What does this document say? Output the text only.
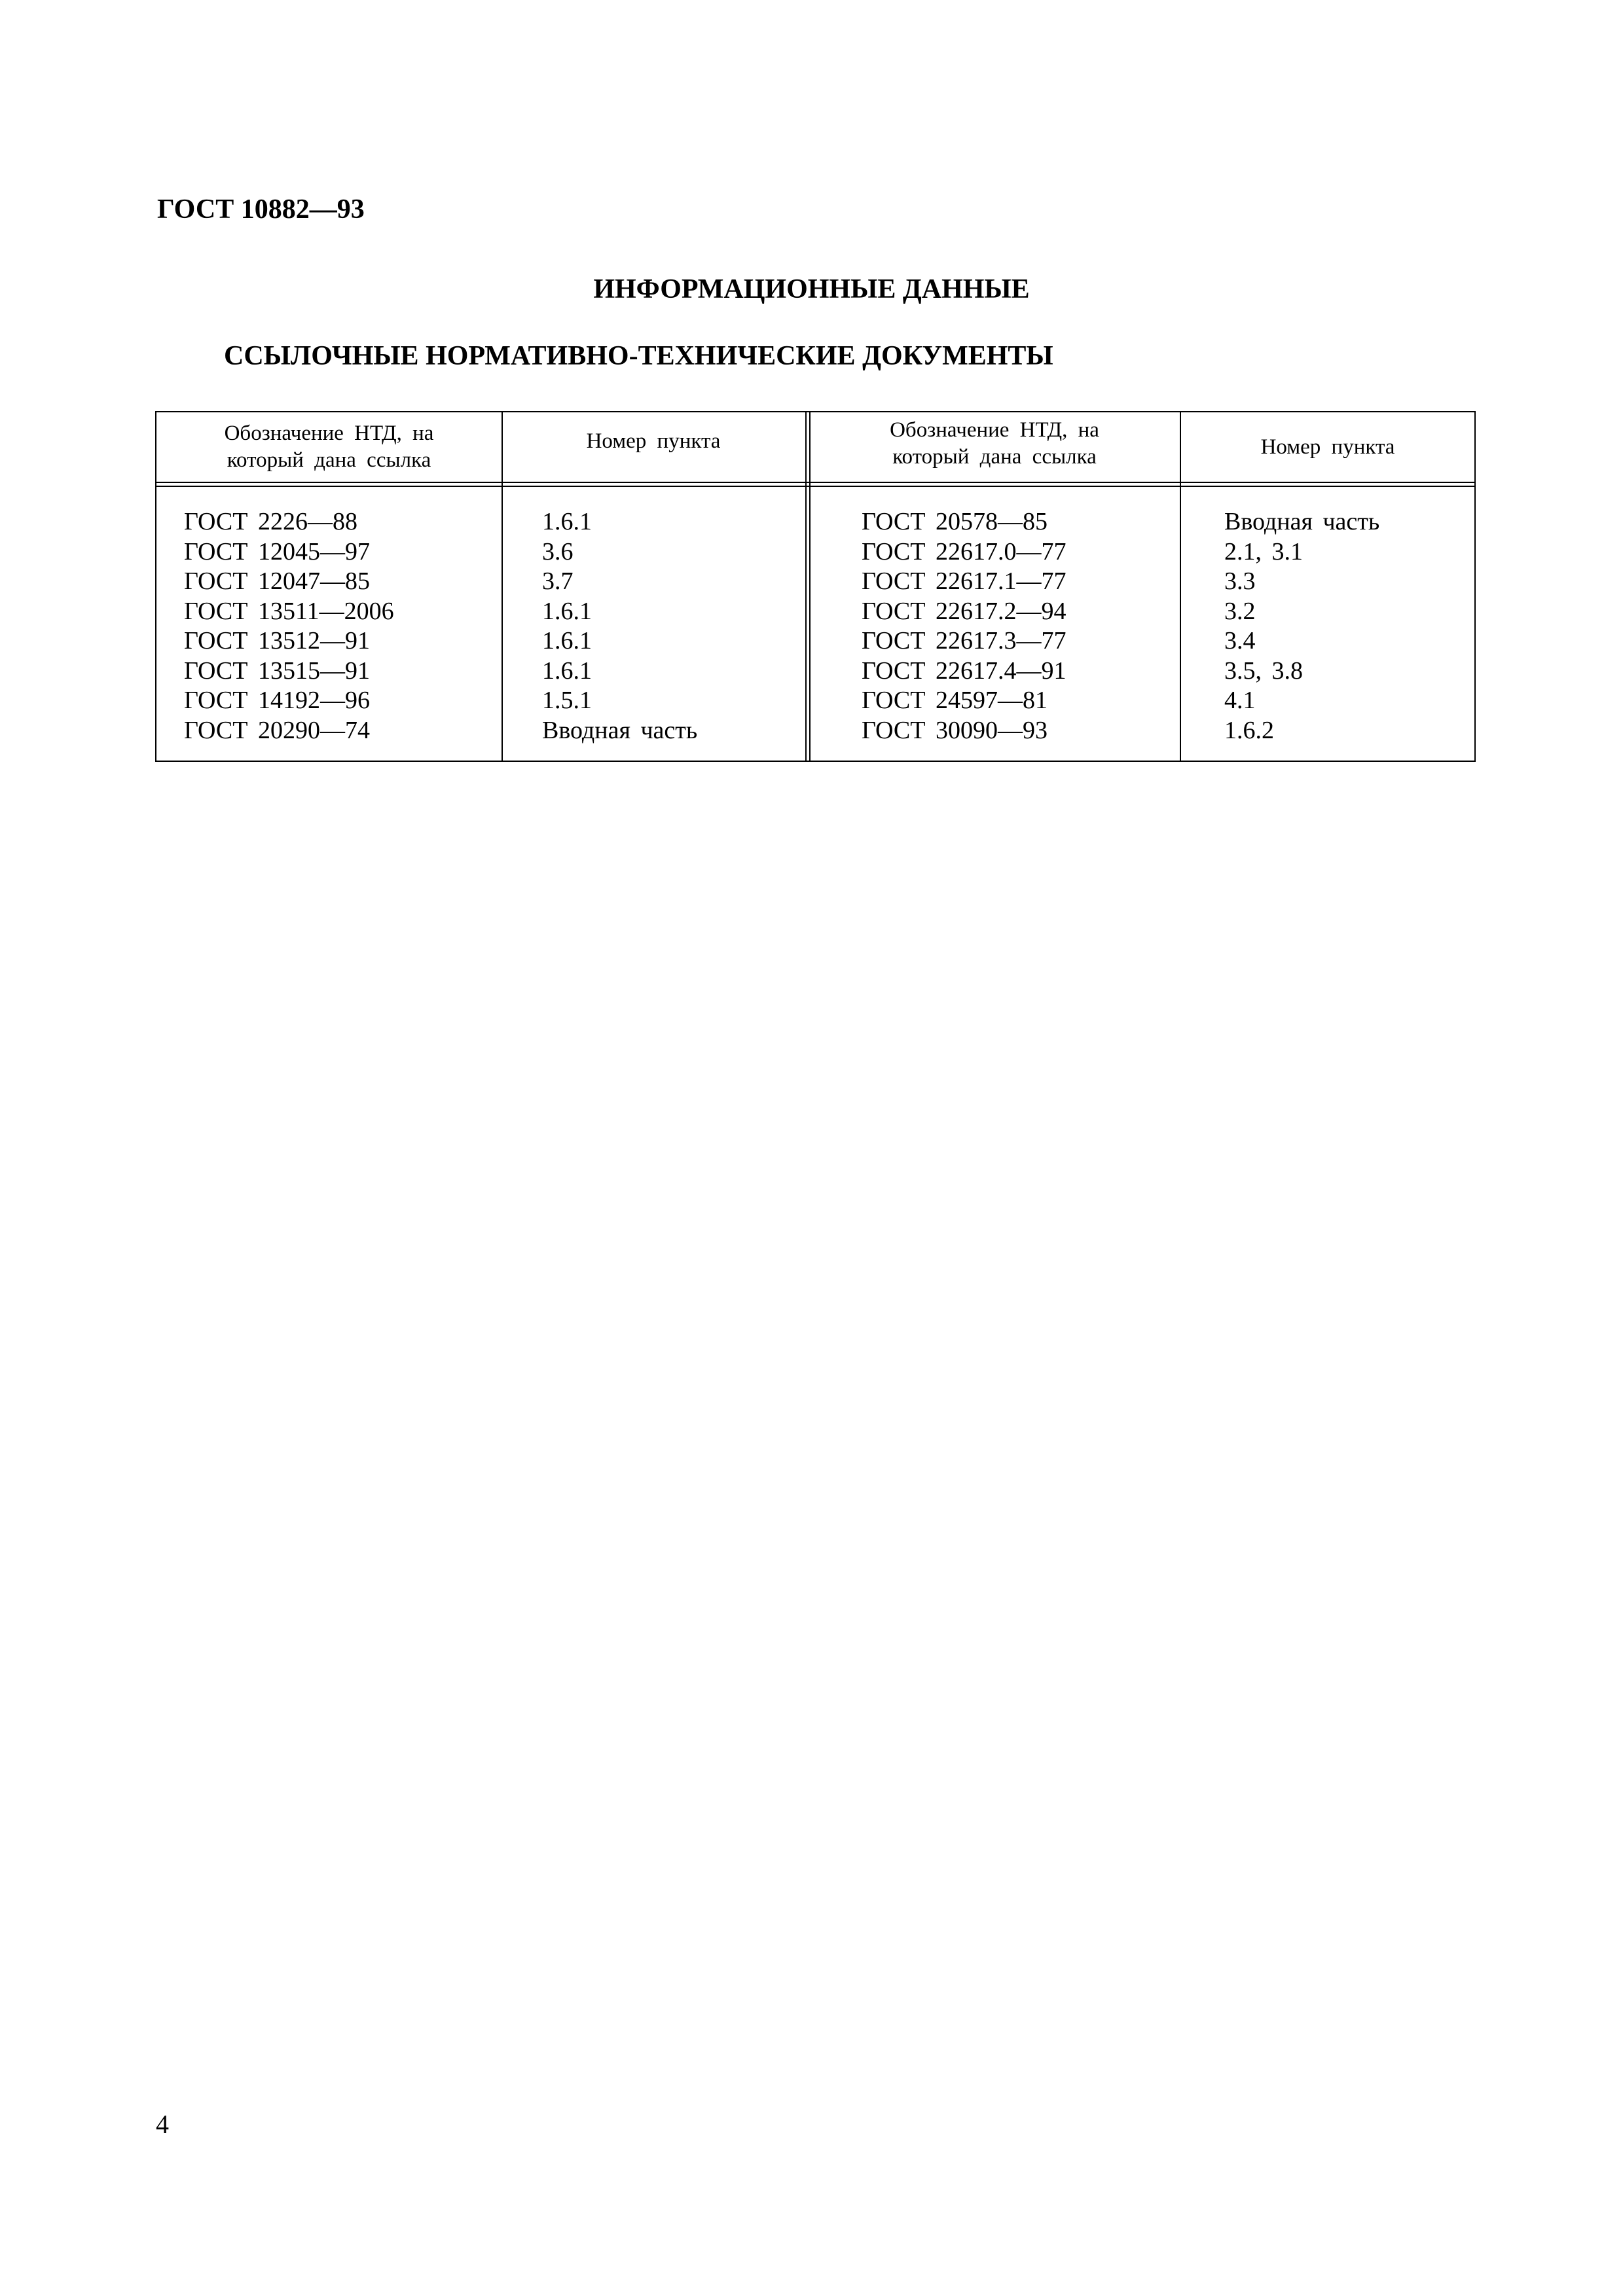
ГОСТ 10882—93
ИНФОРМАЦИОННЫЕ ДАННЫЕ
ССЫЛОЧНЫЕ НОРМАТИВНО-ТЕХНИЧЕСКИЕ ДОКУМЕНТЫ
Обозначение НТД, на
который дана ссылка
Номер пункта	Обозначение НТД, на
который дана ссылка	Номер пункта
ГОСТ 2226—88
ГОСТ 12045—97
ГОСТ 12047—85
ГОСТ 13511—2006
ГОСТ 13512—91
ГОСТ 13515—91
ГОСТ 14192—96
ГОСТ 20290—74
1.6.1
3.6
3.7
1.6.1
1.6.1
1.6.1
1.5.1
Вводная часть
ГОСТ 20578—85
ГОСТ 22617.0—77
ГОСТ 22617.1—77
ГОСТ 22617.2—94
ГОСТ 22617.3—77
ГОСТ 22617.4—91
ГОСТ 24597—81
ГОСТ 30090—93
Вводная часть
2.1, 3.1
3.3
3.2
3.4
3.5, 3.8
4.1
1.6.2

4
